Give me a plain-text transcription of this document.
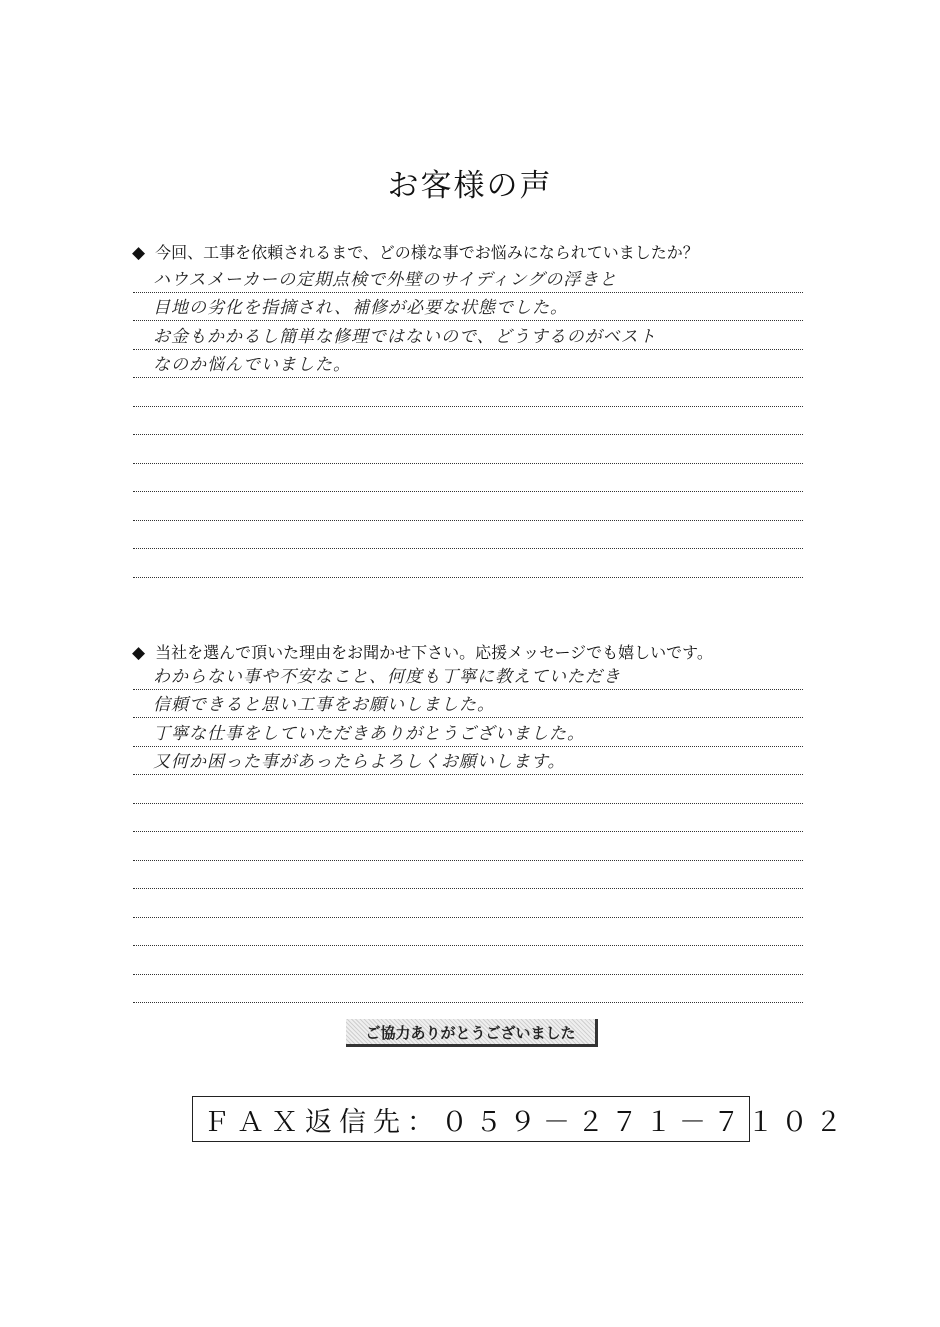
お客様の声
◆ 今回、工事を依頼されるまで、どの様な事でお悩みになられていましたか？
ハウスメーカーの定期点検で外壁のサイディングの浮きと
目地の劣化を指摘され、補修が必要な状態でした。
お金もかかるし簡単な修理ではないので、どうするのがベスト
なのか悩んでいました。
◆ 当社を選んで頂いた理由をお聞かせ下さい。応援メッセージでも嬉しいです。
わからない事や不安なこと、何度も丁寧に教えていただき
信頼できると思い工事をお願いしました。
丁寧な仕事をしていただきありがとうございました。
又何か困った事があったらよろしくお願いします。
ご協力ありがとうございました
ＦＡＸ返信先：０５９－２７１－７１０２
